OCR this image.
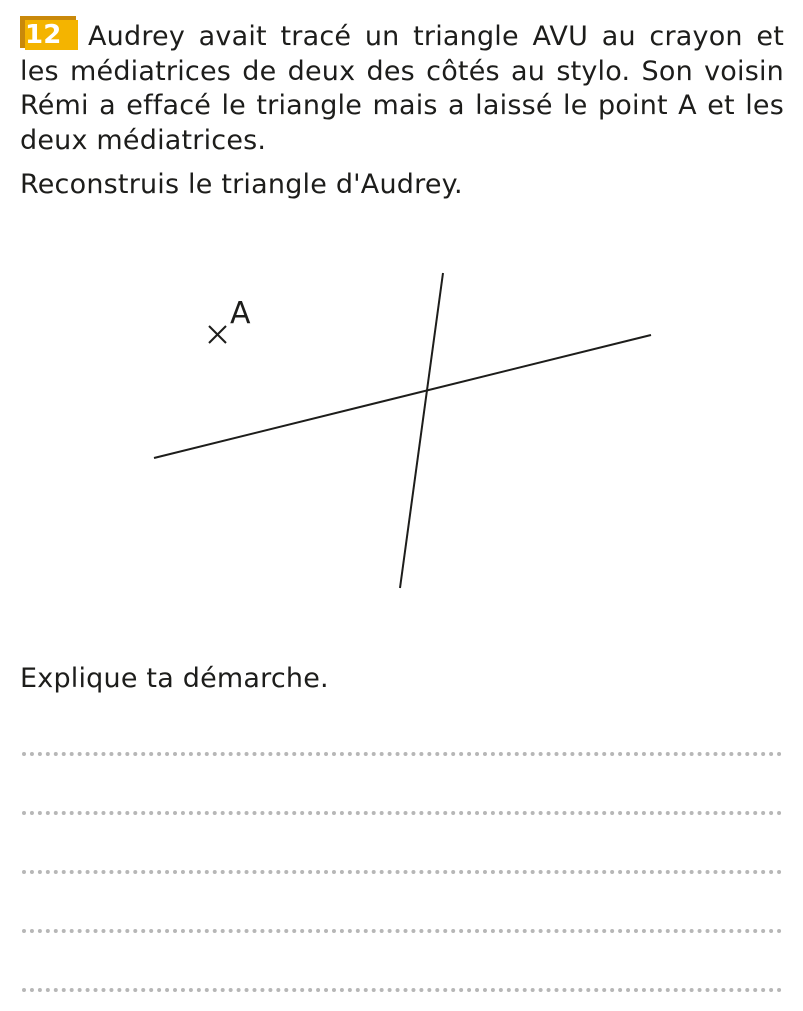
12 Audrey avait tracé un triangle AVU au crayon et les médiatrices de deux des côtés au stylo. Son voisin Rémi a effacé le triangle mais a laissé le point A et les deux médiatrices.

Reconstruis le triangle d'Audrey.

A

Explique ta démarche.
